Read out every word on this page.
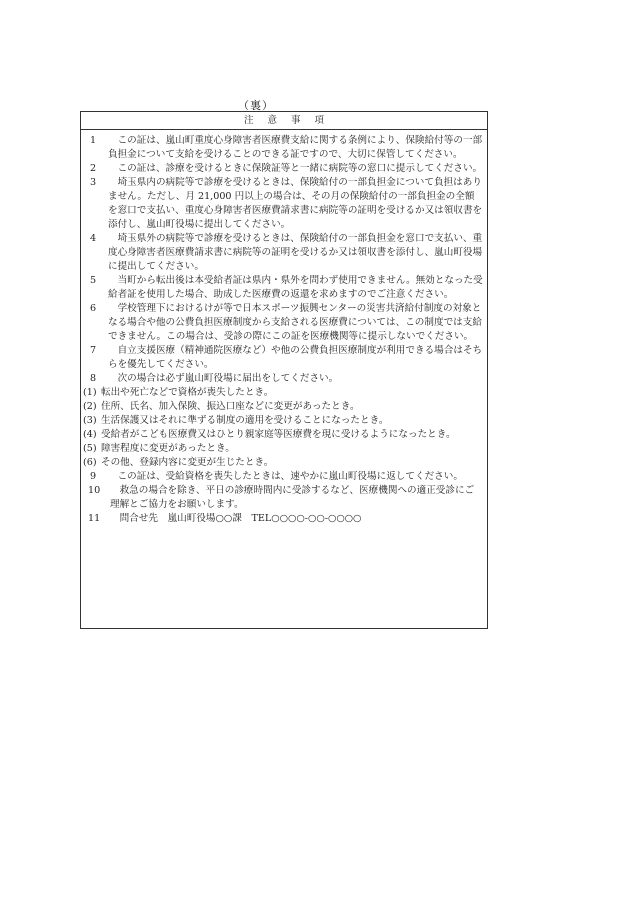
（裏）
注意事項
1 　この証は、嵐山町重度心身障害者医療費支給に関する条例により、保険給付等の一部負担金について支給を受けることのできる証ですので、大切に保管してください。
2 　この証は、診療を受けるときに保険証等と一緒に病院等の窓口に提示してください。
3 　埼玉県内の病院等で診療を受けるときは、保険給付の一部負担金について負担はありません。ただし、月 21,000 円以上の場合は、その月の保険給付の一部負担金の全額を窓口で支払い、重度心身障害者医療費請求書に病院等の証明を受けるか又は領収書を添付し、嵐山町役場に提出してください。
4 　埼玉県外の病院等で診療を受けるときは、保険給付の一部負担金を窓口で支払い、重度心身障害者医療費請求書に病院等の証明を受けるか又は領収書を添付し、嵐山町役場に提出してください。
5 　当町から転出後は本受給者証は県内・県外を問わず使用できません。無効となった受給者証を使用した場合、助成した医療費の返還を求めますのでご注意ください。
6 　学校管理下におけるけが等で日本スポーツ振興センターの災害共済給付制度の対象となる場合や他の公費負担医療制度から支給される医療費については、この制度では支給できません。この場合は、受診の際にこの証を医療機関等に提示しないでください。
7 　自立支援医療（精神通院医療など）や他の公費負担医療制度が利用できる場合はそちらを優先してください。
8 　次の場合は必ず嵐山町役場に届出をしてください。
(1) 転出や死亡などで資格が喪失したとき。
(2) 住所、氏名、加入保険、振込口座などに変更があったとき。
(3) 生活保護又はそれに準ずる制度の適用を受けることになったとき。
(4) 受給者がこども医療費又はひとり親家庭等医療費を現に受けるようになったとき。
(5) 障害程度に変更があったとき。
(6) その他、登録内容に変更が生じたとき。
9 　この証は、受給資格を喪失したときは、速やかに嵐山町役場に返してください。
10 　救急の場合を除き、平日の診療時間内に受診するなど、医療機関への適正受診にご理解とご協力をお願いします。
11 　問合せ先　嵐山町役場○○課　TEL○○○○-○○-○○○○
